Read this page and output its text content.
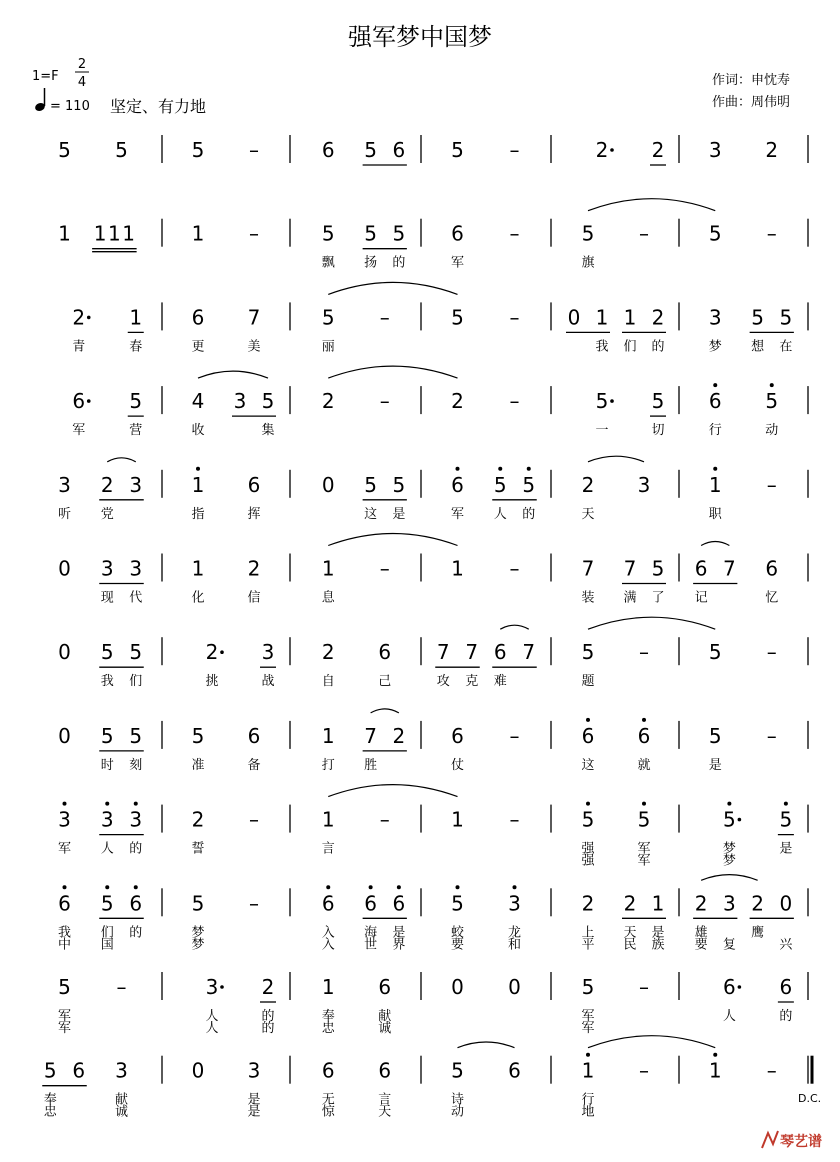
强军梦中国梦
1=F
2
4
= 110 坚定、有力地
作词：申忱寿
作曲：周伟明
5 5	5 –	6 5 6 5 –	2 2 3 2
1 1 1 1	1 –	5 5 5 6 –	5 –	5 –
飘 扬 的	军	旗
2 1 6 7	5 –	5 – 0 1 1 2 3 5 5
青	春	更	美	丽	我 们 的	梦 想 在
6 5 4 3 5 2 –	2 –	5 5 6 5
军	营	收	集	一	切	行	动
3 2 3 1 6	0 5 5 6 5 5 2 3	1 –
听 党	指	挥	这 是	军 人 的	天	职
0 3 3 1 2	1 –	1 –	7 7 5 6 7 6
现 代	化	信	息	装 满 了 记	忆
0 5 5	2 3 2 6 7 7 6 7 5 –	5 –
我 们	挑	战	自	己	攻 克 难	题
0 5 5 5 6	1 7 2 6 –	6 6	5 –
时 刻	准	备	打 胜	仗	这	就	是
3 3 3 2 –	1 –	1 –	5 5	5 5
军 人 的	誓	言	强	军	梦	是
强	军	梦
6 5 6 5 –	6 6 6 5 3	2 2 1 2 3 2 0
我 们 的	梦	入 海 是	蛟	龙	上 天 是 雄	鹰
中 国	梦	入 世 界	要	和	平 民 族 要 复	兴
5 –	3 2 1 6	0 0	5 –	6 6
军	人	的	奉	献	军	人	的
军	人	的	忠	诚	军
5 6 3	0 3	6 6	5 6	1 –	1 –
奉	献	是	无	言	诗	行
忠	诚	是	惊	天	动	地
D.C.
琴艺谱
